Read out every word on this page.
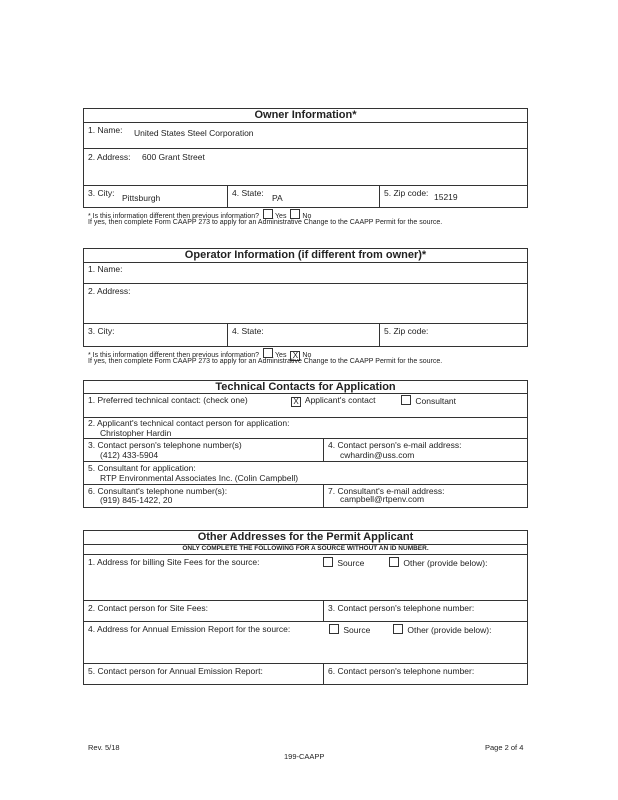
Owner Information*
1. Name: United States Steel Corporation
2. Address: 600 Grant Street
3. City: Pittsburgh	4. State: PA	5. Zip code: 15219
* Is this information different then previous information? Yes No
If yes, then complete Form CAAPP 273 to apply for an Administrative Change to the CAAPP Permit for the source.
Operator Information (if different from owner)*
1. Name:
2. Address:
3. City:	4. State:	5. Zip code:
* Is this information different then previous information? Yes X No
If yes, then complete Form CAAPP 273 to apply for an Administrative Change to the CAAPP Permit for the source.
Technical Contacts for Application
1. Preferred technical contact: (check one)	X Applicant's contact	Consultant
2. Applicant's technical contact person for application:
Christopher Hardin
3. Contact person's telephone number(s)
(412) 433-5904
4. Contact person's e-mail address:
cwhardin@uss.com
5. Consultant for application:
RTP Environmental Associates Inc. (Colin Campbell)
6. Consultant's telephone number(s):
(919) 845-1422, 20
7. Consultant's e-mail address:
campbell@rtpenv.com
Other Addresses for the Permit Applicant
ONLY COMPLETE THE FOLLOWING FOR A SOURCE WITHOUT AN ID NUMBER.
1. Address for billing Site Fees for the source:	Source	Other (provide below):
2. Contact person for Site Fees:	3. Contact person's telephone number:
4. Address for Annual Emission Report for the source:	Source	Other (provide below):
5. Contact person for Annual Emission Report:	6. Contact person's telephone number:
Rev. 5/18	Page 2 of 4
199-CAAPP
